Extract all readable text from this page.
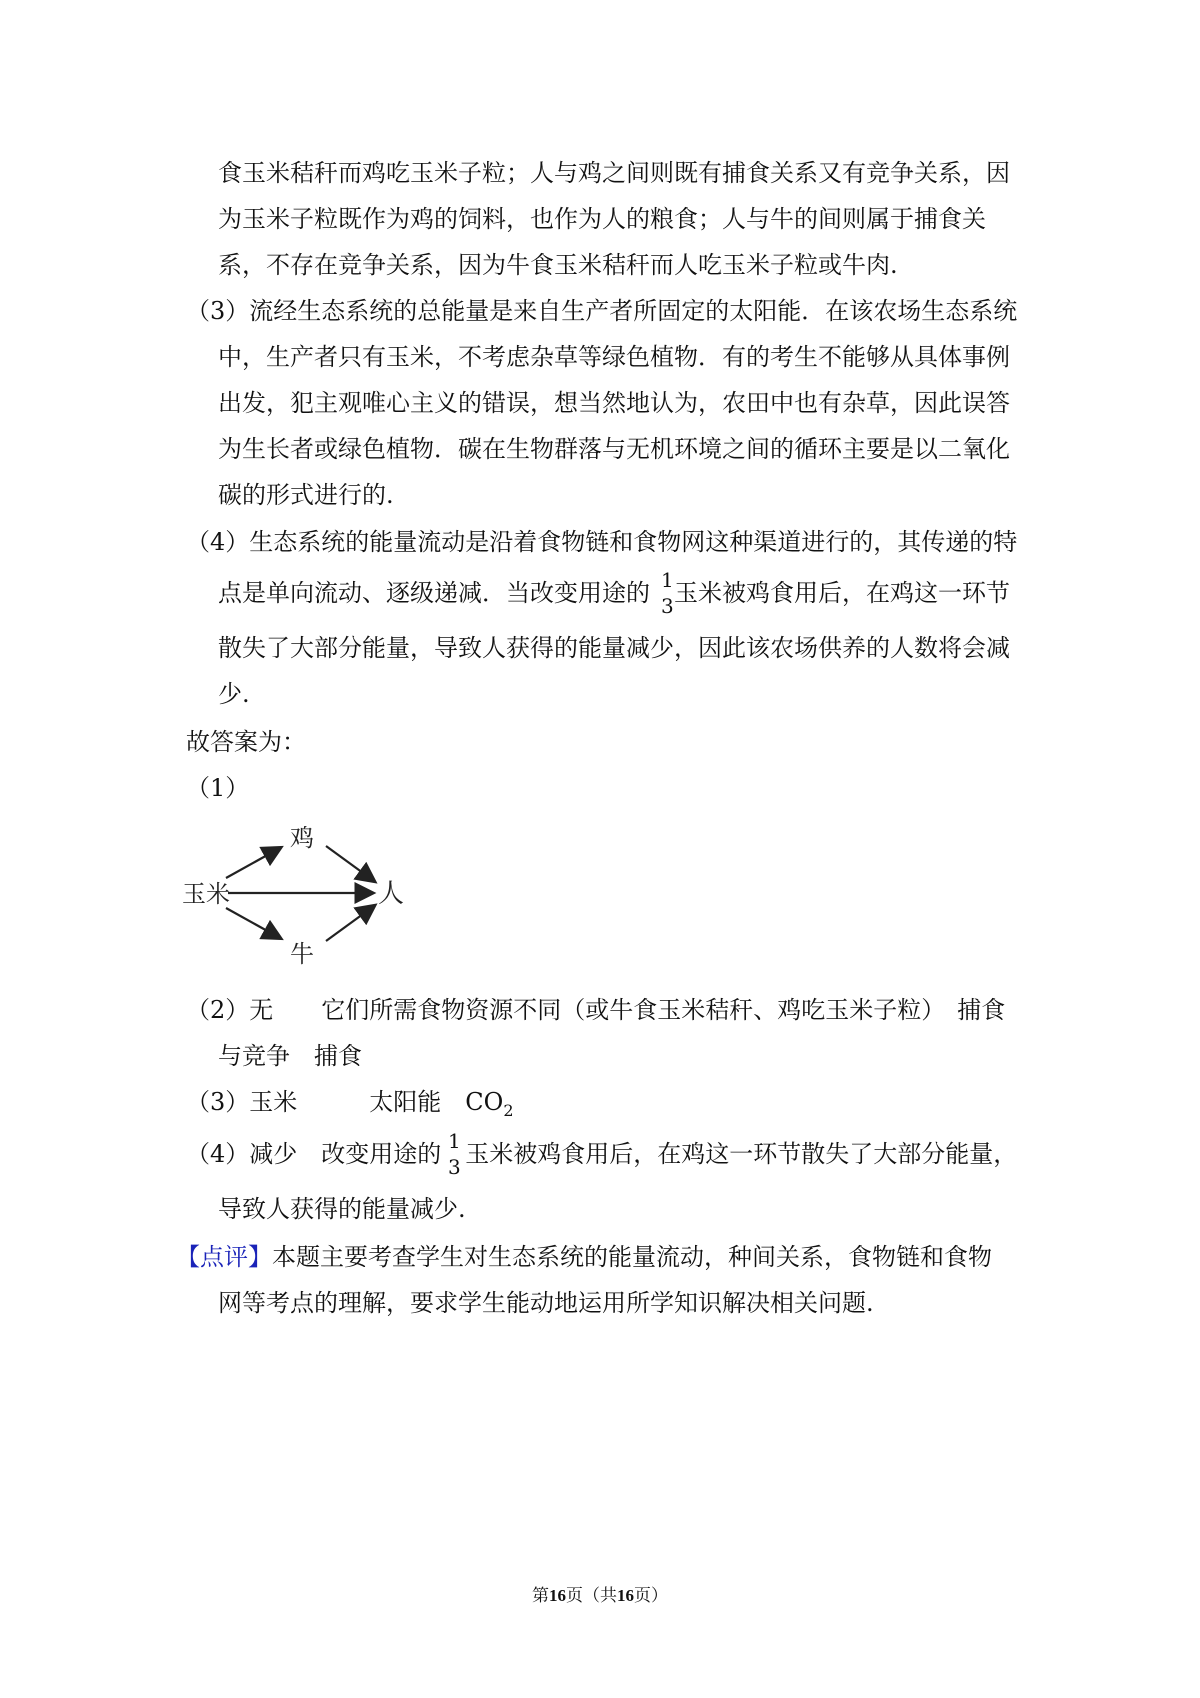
食玉米秸秆而鸡吃玉米子粒；人与鸡之间则既有捕食关系又有竞争关系，因
为玉米子粒既作为鸡的饲料，也作为人的粮食；人与牛的间则属于捕食关
系，不存在竞争关系，因为牛食玉米秸秆而人吃玉米子粒或牛肉.
（3）流经生态系统的总能量是来自生产者所固定的太阳能．在该农场生态系统
中，生产者只有玉米，不考虑杂草等绿色植物．有的考生不能够从具体事例
出发，犯主观唯心主义的错误，想当然地认为，农田中也有杂草，因此误答
为生长者或绿色植物．碳在生物群落与无机环境之间的循环主要是以二氧化
碳的形式进行的.
（4）生态系统的能量流动是沿着食物链和食物网这种渠道进行的，其传递的特
点是单向流动、逐级递减．当改变用途的 玉米被鸡食用后，在鸡这一环节
1
3
散失了大部分能量，导致人获得的能量减少，因此该农场供养的人数将会减
少.
故答案为：
（1）
玉米
鸡
人
牛
（2）无　　它们所需食物资源不同（或牛食玉米秸秆、鸡吃玉米子粒）　捕食
与竞争　捕食
（3）玉米　　　太阳能　$CO_2$
（4）减少　改变用途的 玉米被鸡食用后，在鸡这一环节散失了大部分能量，
1
3
导致人获得的能量减少.
【点评】本题主要考查学生对生态系统的能量流动，种间关系，食物链和食物
网等考点的理解，要求学生能动地运用所学知识解决相关问题.
第16页（共16页）
